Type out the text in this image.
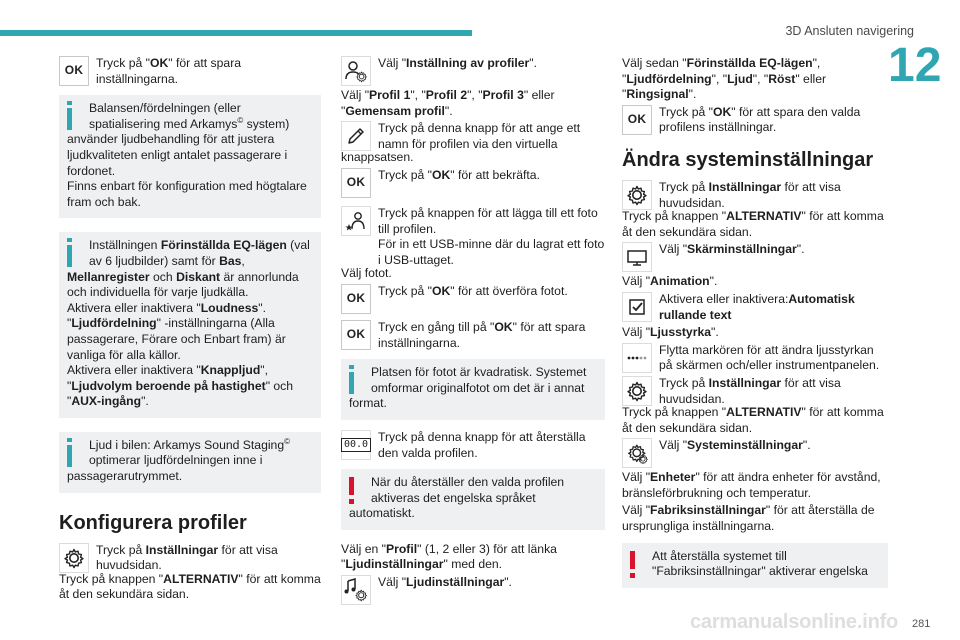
3D Ansluten navigering
12
carmanualsonline.info 281
OK
Tryck på "OK" för att spara inställningarna.
Balansen/fördelningen (eller spatialisering med Arkamys© system)

använder ljudbehandling för att justera ljudkvaliteten enligt antalet passagerare i fordonet.

Finns enbart för konfiguration med högtalare fram och bak.

Inställningen Förinställda EQ-lägen (val av 6 ljudbilder) samt för Bas,

Mellanregister och Diskant är annorlunda och individuella för varje ljudkälla.

Aktivera eller inaktivera "Loudness".

"Ljudfördelning" -inställningarna (Alla passagerare, Förare och Enbart fram) är vanliga för alla källor.

Aktivera eller inaktivera "Knappljud",

"Ljudvolym beroende på hastighet" och

"AUX-ingång".

Ljud i bilen: Arkamys Sound Staging© optimerar ljudfördelningen inne i

passagerarutrymmet.

Konfigurera profiler
Tryck på Inställningar för att visa huvudsidan.

Tryck på knappen "ALTERNATIV" för att komma åt den sekundära sidan.

Välj "Inställning av profiler".

Välj "Profil 1", "Profil 2", "Profil 3" eller
"Gemensam profil".

Tryck på denna knapp för att ange ett namn för profilen via den virtuella

knappsatsen.

OK
Tryck på "OK" för att bekräfta.
Tryck på knappen för att lägga till ett foto till profilen.
För in ett USB-minne där du lagrat ett foto i USB-uttaget.

Välj fotot.

OK
Tryck på "OK" för att överföra fotot.
OK
Tryck en gång till på "OK" för att spara inställningarna.
Platsen för fotot är kvadratisk. Systemet omformar originalfotot om det är i annat

format.

00.0
Tryck på denna knapp för att återställa den valda profilen.
När du återställer den valda profilen aktiveras det engelska språket

automatiskt.

Välj en "Profil" (1, 2 eller 3) för att länka
"Ljudinställningar" med den.

Välj "Ljudinställningar".

Välj sedan "Förinställda EQ-lägen",
"Ljudfördelning", "Ljud", "Röst" eller
"Ringsignal".

OK
Tryck på "OK" för att spara den valda profilens inställningar.
Ändra systeminställningar
Tryck på Inställningar för att visa huvudsidan.

Tryck på knappen "ALTERNATIV" för att komma åt den sekundära sidan.

Välj "Skärminställningar".

Välj "Animation".

Aktivera eller inaktivera:Automatisk rullande text

Välj "Ljusstyrka".

Flytta markören för att ändra ljusstyrkan på skärmen och/eller instrumentpanelen.
Tryck på Inställningar för att visa huvudsidan.

Tryck på knappen "ALTERNATIV" för att komma åt den sekundära sidan.

Välj "Systeminställningar".

Välj "Enheter" för att ändra enheter för avstånd, bränsleförbrukning och temperatur.

Välj "Fabriksinställningar" för att återställa de ursprungliga inställningarna.

Att återställa systemet till "Fabriksinställningar" aktiverar engelska
